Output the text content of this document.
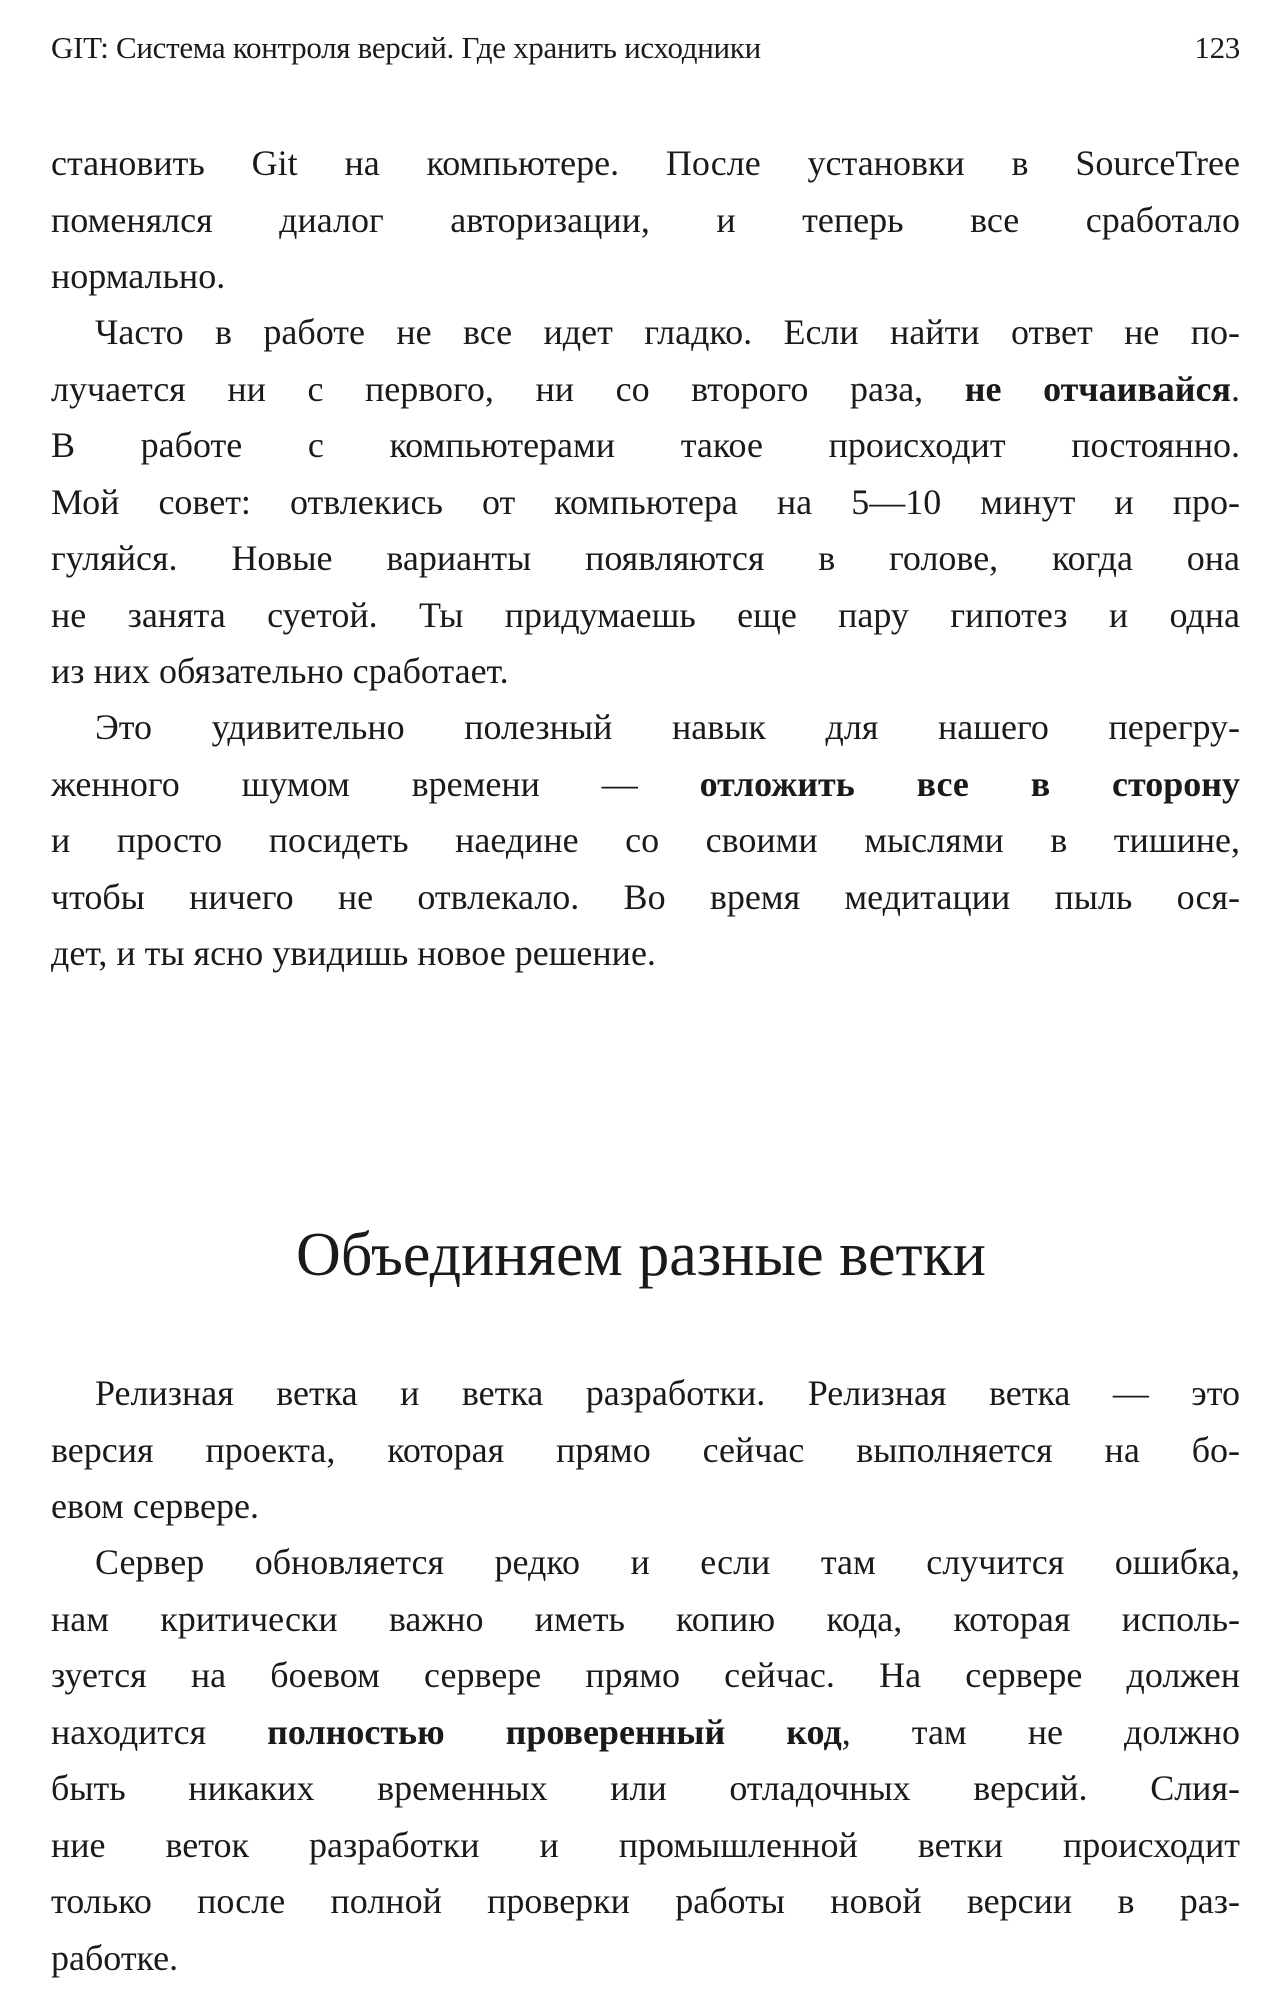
GIT: Система контроля версий. Где хранить исходники	123
становить Git на компьютере. После установки в SourceTree
поменялся диалог авторизации, и теперь все сработало
нормально.
Часто в работе не все идет гладко. Если найти ответ не по-
лучается ни с первого, ни со второго раза, не отчаивайся.
В работе с компьютерами такое происходит постоянно.
Мой совет: отвлекись от компьютера на 5—10 минут и про-
гуляйся. Новые варианты появляются в голове, когда она
не занята суетой. Ты придумаешь еще пару гипотез и одна
из них обязательно сработает.
Это удивительно полезный навык для нашего перегру-
женного шумом времени — отложить все в сторону
и просто посидеть наедине со своими мыслями в тишине,
чтобы ничего не отвлекало. Во время медитации пыль ося-
дет, и ты ясно увидишь новое решение.
Объединяем разные ветки
Релизная ветка и ветка разработки. Релизная ветка — это
версия проекта, которая прямо сейчас выполняется на бо-
евом сервере.
Сервер обновляется редко и если там случится ошибка,
нам критически важно иметь копию кода, которая исполь-
зуется на боевом сервере прямо сейчас. На сервере должен
находится полностью проверенный код, там не должно
быть никаких временных или отладочных версий. Слия-
ние веток разработки и промышленной ветки происходит
только после полной проверки работы новой версии в раз-
работке.
